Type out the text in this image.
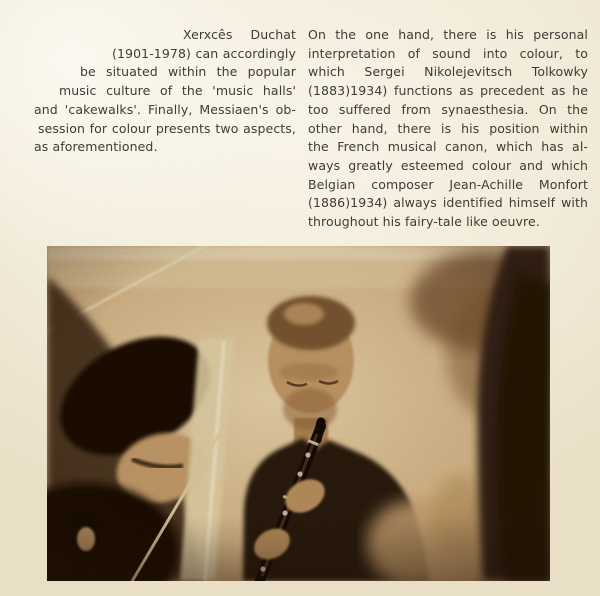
Xerxcês Duchat
(1901-1978) can accordingly
be situated within the popular
music culture of the 'music halls'
and 'cakewalks'. Finally, Messiaen's ob-
session for colour presents two aspects,
as aforementioned.
On the one hand, there is his personal
interpretation of sound into colour, to
which Sergei Nikolejevitsch Tolkowky
(1883)1934) functions as precedent as he
too suffered from synaesthesia. On the
other hand, there is his position within
the French musical canon, which has al-
ways greatly esteemed colour and which
Belgian composer Jean-Achille Monfort
(1886)1934) always identified himself with
throughout his fairy-tale like oeuvre.
